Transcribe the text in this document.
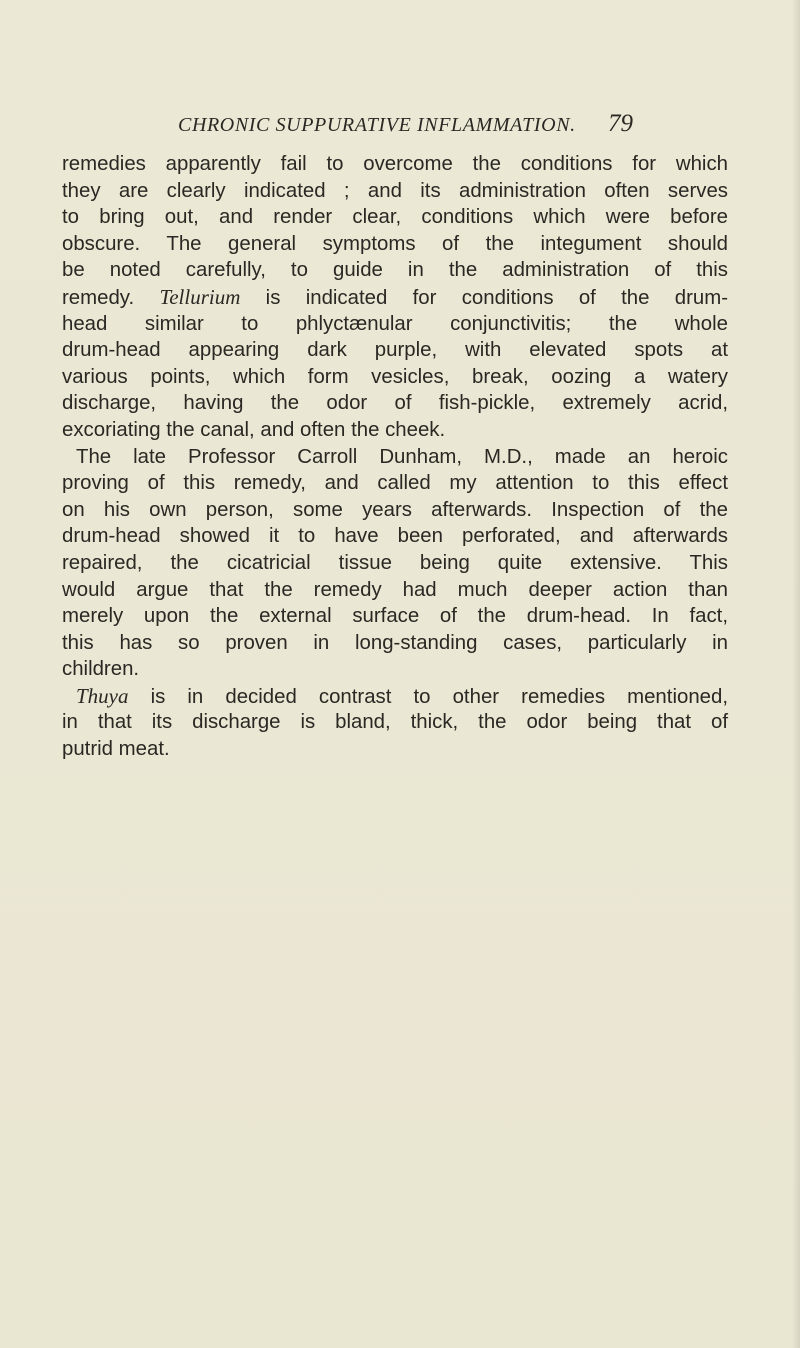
CHRONIC SUPPURATIVE INFLAMMATION. 79
remedies apparently fail to overcome the conditions for which
they are clearly indicated ; and its administration often serves
to bring out, and render clear, conditions which were before
obscure. The general symptoms of the integument should
be noted carefully, to guide in the administration of this
remedy. Tellurium is indicated for conditions of the drum-
head similar to phlyctænular conjunctivitis; the whole
drum-head appearing dark purple, with elevated spots at
various points, which form vesicles, break, oozing a watery
discharge, having the odor of fish-pickle, extremely acrid,
excoriating the canal, and often the cheek.
The late Professor Carroll Dunham, M.D., made an heroic
proving of this remedy, and called my attention to this effect
on his own person, some years afterwards. Inspection of the
drum-head showed it to have been perforated, and afterwards
repaired, the cicatricial tissue being quite extensive. This
would argue that the remedy had much deeper action than
merely upon the external surface of the drum-head. In fact,
this has so proven in long-standing cases, particularly in
children.
Thuya is in decided contrast to other remedies mentioned,
in that its discharge is bland, thick, the odor being that of
putrid meat.
